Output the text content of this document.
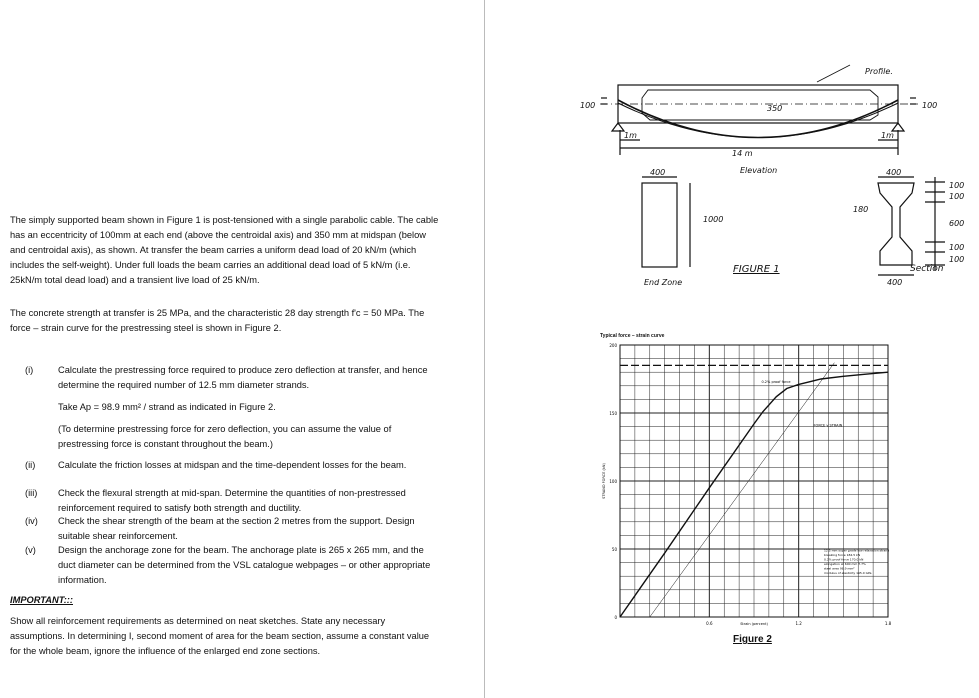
The simply supported beam shown in Figure 1 is post-tensioned with a single parabolic cable. The cable has an eccentricity of 100mm at each end (above the centroidal axis) and 350 mm at midspan (below and centroidal axis), as shown. At transfer the beam carries a uniform dead load of 20 kN/m (which includes the self-weight). Under full loads the beam carries an additional dead load of 5 kN/m (i.e. 25kN/m total dead load) and a transient live load of 25 kN/m.
The concrete strength at transfer is 25 MPa, and the characteristic 28 day strength f'c = 50 MPa. The force – strain curve for the prestressing steel is shown in Figure 2.
(i)	Calculate the prestressing force required to produce zero deflection at transfer, and hence determine the required number of 12.5 mm diameter strands.
Take Ap = 98.9 mm² / strand as indicated in Figure 2.
(To determine prestressing force for zero deflection, you can assume the value of prestressing force is constant throughout the beam.)
(ii) Calculate the friction losses at midspan and the time-dependent losses for the beam.
(iii) Check the flexural strength at mid-span. Determine the quantities of non-prestressed reinforcement required to satisfy both strength and ductility.
(iv) Check the shear strength of the beam at the section 2 metres from the support. Design suitable shear reinforcement.
(v) Design the anchorage zone for the beam. The anchorage plate is 265 x 265 mm, and the duct diameter can be determined from the VSL catalogue webpages – or other appropriate information.
IMPORTANT:::
Show all reinforcement requirements as determined on neat sketches. State any necessary assumptions. In determining I, second moment of area for the beam section, assume a constant value for the whole beam, ignore the influence of the enlarged end zone sections.
Profile.
100	100
350
1m	1m
14 m
Elevation
400
1000
End Zone
400
400
180
100
100
600
100
100
FIGURE 1	Section
Typical force – strain curve
0
50
100
150
200
0.6	1.2	1.8
Strain (percent)
STRAND FORCE (kN)
0.2% proof force
FORCE v STRAIN
12.5 mm super grade low relaxation strand
breaking force 184.5 kN
0.2% proof force 170.0 kN
elongation at 600 mm 7.7%
steel area 98.9 mm²
modulus of elasticity 195.0 GPa
Figure 2
